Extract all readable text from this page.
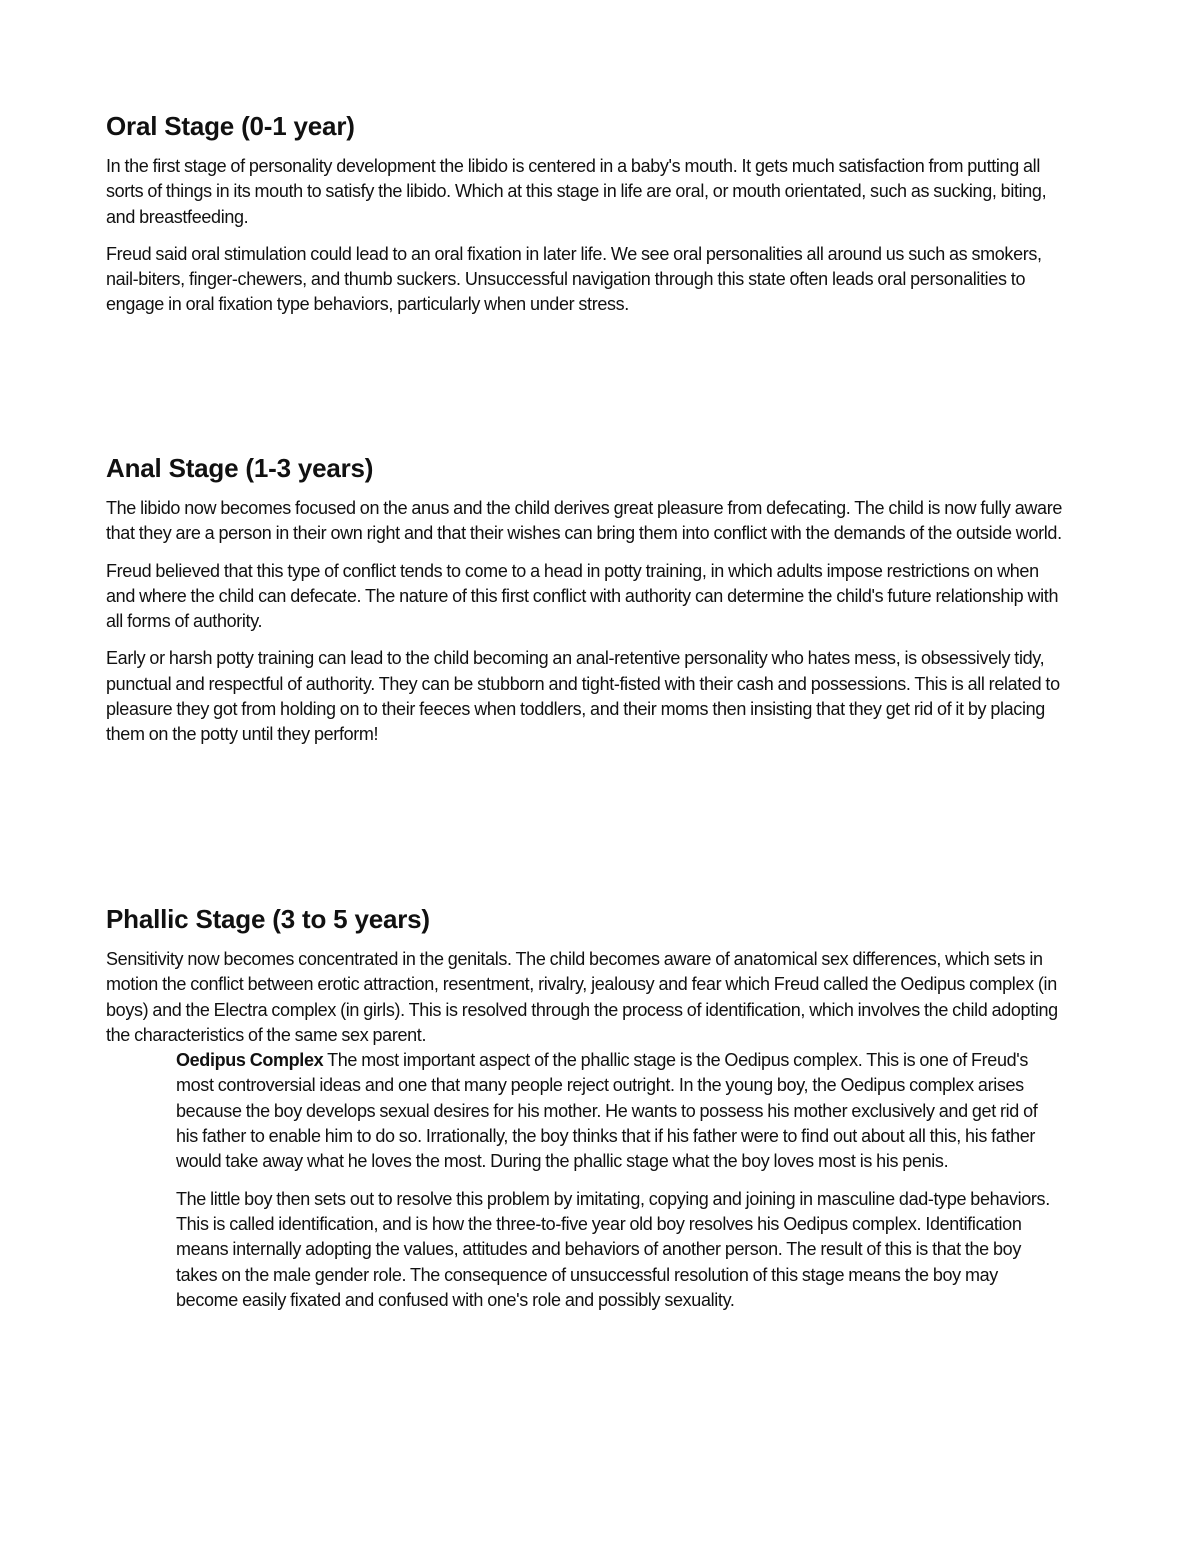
Oral Stage (0-1 year)

In the first stage of personality development the libido is centered in a baby's mouth. It gets much satisfaction from putting all sorts of things in its mouth to satisfy the libido. Which at this stage in life are oral, or mouth orientated, such as sucking, biting, and breastfeeding.

Freud said oral stimulation could lead to an oral fixation in later life. We see oral personalities all around us such as smokers, nail-biters, finger-chewers, and thumb suckers. Unsuccessful navigation through this state often leads oral personalities to engage in oral fixation type behaviors, particularly when under stress.

Anal Stage (1-3 years)

The libido now becomes focused on the anus and the child derives great pleasure from defecating. The child is now fully aware that they are a person in their own right and that their wishes can bring them into conflict with the demands of the outside world.

Freud believed that this type of conflict tends to come to a head in potty training, in which adults impose restrictions on when and where the child can defecate. The nature of this first conflict with authority can determine the child's future relationship with all forms of authority.

Early or harsh potty training can lead to the child becoming an anal-retentive personality who hates mess, is obsessively tidy, punctual and respectful of authority. They can be stubborn and tight-fisted with their cash and possessions. This is all related to pleasure they got from holding on to their feeces when toddlers, and their moms then insisting that they get rid of it by placing them on the potty until they perform!

Phallic Stage (3 to 5 years)

Sensitivity now becomes concentrated in the genitals. The child becomes aware of anatomical sex differences, which sets in motion the conflict between erotic attraction, resentment, rivalry, jealousy and fear which Freud called the Oedipus complex (in boys) and the Electra complex (in girls). This is resolved through the process of identification, which involves the child adopting the characteristics of the same sex parent.

Oedipus Complex The most important aspect of the phallic stage is the Oedipus complex. This is one of Freud's most controversial ideas and one that many people reject outright. In the young boy, the Oedipus complex arises because the boy develops sexual desires for his mother. He wants to possess his mother exclusively and get rid of his father to enable him to do so. Irrationally, the boy thinks that if his father were to find out about all this, his father would take away what he loves the most. During the phallic stage what the boy loves most is his penis.

The little boy then sets out to resolve this problem by imitating, copying and joining in masculine dad-type behaviors. This is called identification, and is how the three-to-five year old boy resolves his Oedipus complex. Identification means internally adopting the values, attitudes and behaviors of another person. The result of this is that the boy takes on the male gender role. The consequence of unsuccessful resolution of this stage means the boy may become easily fixated and confused with one's role and possibly sexuality.
